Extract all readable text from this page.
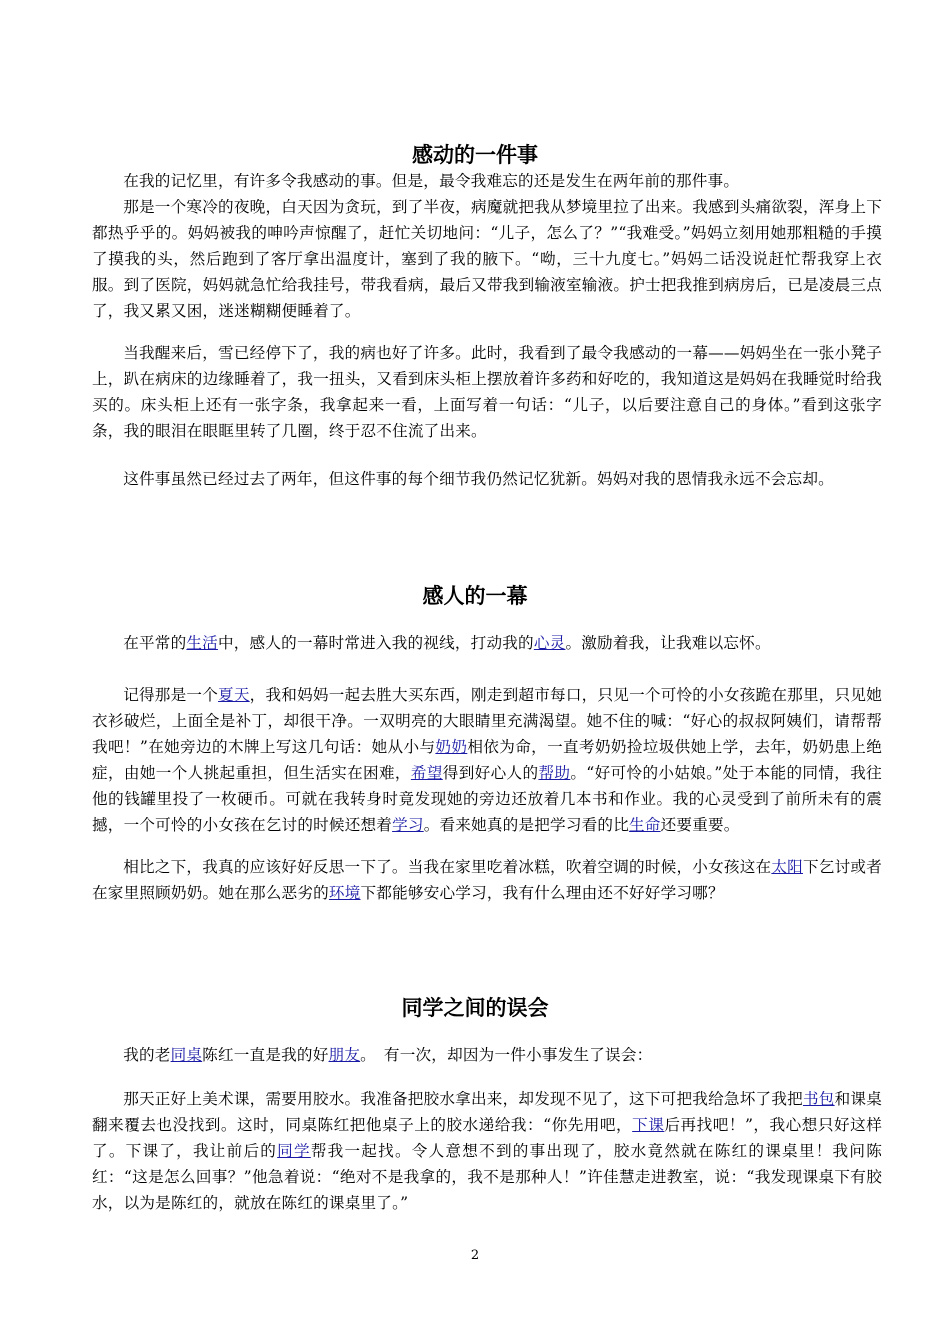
感动的一件事

在我的记忆里，有许多令我感动的事。但是，最令我难忘的还是发生在两年前的那件事。

那是一个寒冷的夜晚，白天因为贪玩，到了半夜，病魔就把我从梦境里拉了出来。我感到头痛欲裂，浑身上下都热乎乎的。妈妈被我的呻吟声惊醒了，赶忙关切地问：“儿子，怎么了？”“我难受。”妈妈立刻用她那粗糙的手摸了摸我的头，然后跑到了客厅拿出温度计，塞到了我的腋下。“呦，三十九度七。”妈妈二话没说赶忙帮我穿上衣服。到了医院，妈妈就急忙给我挂号，带我看病，最后又带我到输液室输液。护士把我推到病房后，已是凌晨三点了，我又累又困，迷迷糊糊便睡着了。

当我醒来后，雪已经停下了，我的病也好了许多。此时，我看到了最令我感动的一幕——妈妈坐在一张小凳子上，趴在病床的边缘睡着了，我一扭头，又看到床头柜上摆放着许多药和好吃的，我知道这是妈妈在我睡觉时给我买的。床头柜上还有一张字条，我拿起来一看，上面写着一句话：“儿子，以后要注意自己的身体。”看到这张字条，我的眼泪在眼眶里转了几圈，终于忍不住流了出来。

这件事虽然已经过去了两年，但这件事的每个细节我仍然记忆犹新。妈妈对我的恩情我永远不会忘却。

感人的一幕

在平常的生活中，感人的一幕时常进入我的视线，打动我的心灵。激励着我，让我难以忘怀。

记得那是一个夏天，我和妈妈一起去胜大买东西，刚走到超市每口，只见一个可怜的小女孩跪在那里，只见她衣衫破烂，上面全是补丁，却很干净。一双明亮的大眼睛里充满渴望。她不住的喊：“好心的叔叔阿姨们，请帮帮我吧！”在她旁边的木牌上写这几句话：她从小与奶奶相依为命，一直考奶奶捡垃圾供她上学，去年，奶奶患上绝症，由她一个人挑起重担，但生活实在困难，希望得到好心人的帮助。“好可怜的小姑娘。”处于本能的同情，我往他的钱罐里投了一枚硬币。可就在我转身时竟发现她的旁边还放着几本书和作业。我的心灵受到了前所未有的震撼，一个可怜的小女孩在乞讨的时候还想着学习。看来她真的是把学习看的比生命还要重要。

相比之下，我真的应该好好反思一下了。当我在家里吃着冰糕，吹着空调的时候，小女孩这在太阳下乞讨或者在家里照顾奶奶。她在那么恶劣的环境下都能够安心学习，我有什么理由还不好好学习哪？

同学之间的误会

我的老同桌陈红一直是我的好朋友。　有一次，却因为一件小事发生了误会：

那天正好上美术课，需要用胶水。我准备把胶水拿出来，却发现不见了，这下可把我给急坏了我把书包和课桌翻来覆去也没找到。这时，同桌陈红把他桌子上的胶水递给我：“你先用吧，下课后再找吧！”，我心想只好这样了。下课了，我让前后的同学帮我一起找。令人意想不到的事出现了，胶水竟然就在陈红的课桌里！我问陈红：“这是怎么回事？”他急着说：“绝对不是我拿的，我不是那种人！”许佳慧走进教室，说：“我发现课桌下有胶水，以为是陈红的，就放在陈红的课桌里了。”

2
